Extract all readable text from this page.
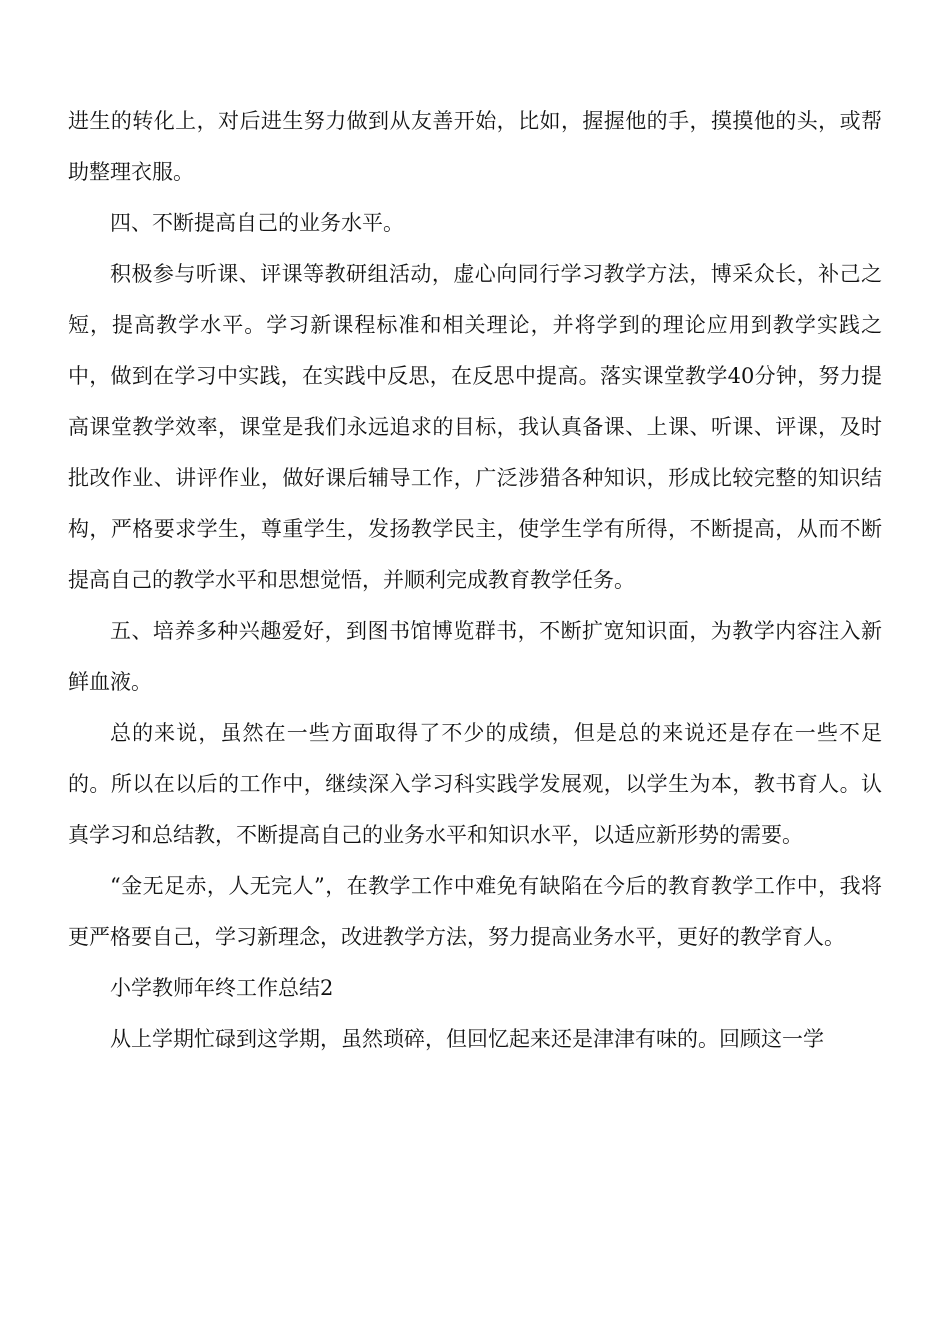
进生的转化上，对后进生努力做到从友善开始，比如，握握他的手，摸摸他的头，或帮助整理衣服。

四、不断提高自己的业务水平。

积极参与听课、评课等教研组活动，虚心向同行学习教学方法，博采众长，补己之短，提高教学水平。学习新课程标准和相关理论，并将学到的理论应用到教学实践之中，做到在学习中实践，在实践中反思，在反思中提高。落实课堂教学40分钟，努力提高课堂教学效率，课堂是我们永远追求的目标，我认真备课、上课、听课、评课，及时批改作业、讲评作业，做好课后辅导工作，广泛涉猎各种知识，形成比较完整的知识结构，严格要求学生，尊重学生，发扬教学民主，使学生学有所得，不断提高，从而不断提高自己的教学水平和思想觉悟，并顺利完成教育教学任务。

五、培养多种兴趣爱好，到图书馆博览群书，不断扩宽知识面，为教学内容注入新鲜血液。

总的来说，虽然在一些方面取得了不少的成绩，但是总的来说还是存在一些不足的。所以在以后的工作中，继续深入学习科实践学发展观，以学生为本，教书育人。认真学习和总结教，不断提高自己的业务水平和知识水平，以适应新形势的需要。

“金无足赤，人无完人”，在教学工作中难免有缺陷在今后的教育教学工作中，我将更严格要自己，学习新理念，改进教学方法，努力提高业务水平，更好的教学育人。

小学教师年终工作总结2

从上学期忙碌到这学期，虽然琐碎，但回忆起来还是津津有味的。回顾这一学
